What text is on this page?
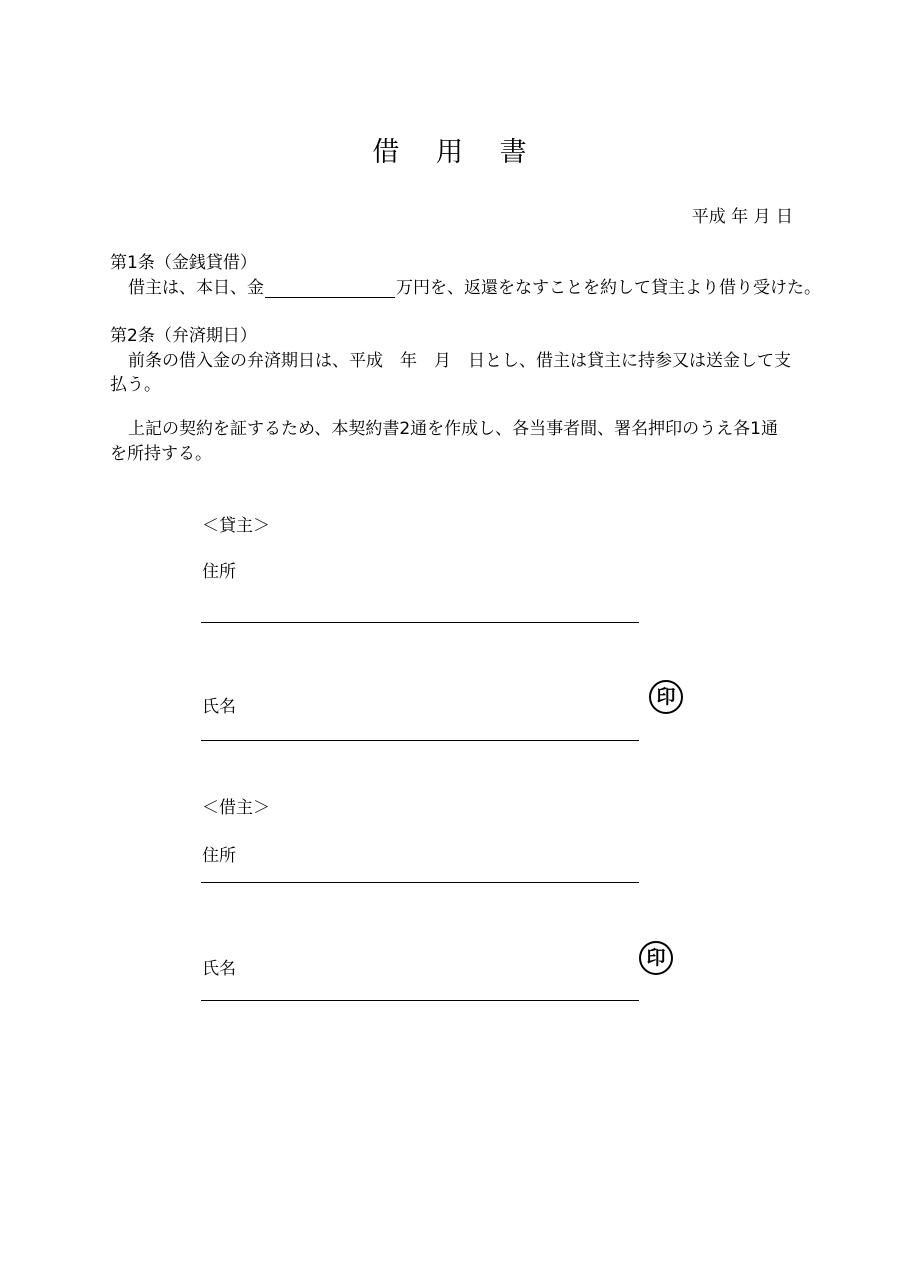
借 用 書
平成 年 月 日
第1条（金銭貸借）
借主は、本日、金	万円を、返還をなすことを約して貸主より借り受けた。
第2条（弁済期日）
前条の借入金の弁済期日は、平成　年　月　日とし、借主は貸主に持参又は送金して支
払う。
上記の契約を証するため、本契約書2通を作成し、各当事者間、署名押印のうえ各1通
を所持する。
＜貸主＞
住所
氏名	印
＜借主＞
住所
氏名
印
